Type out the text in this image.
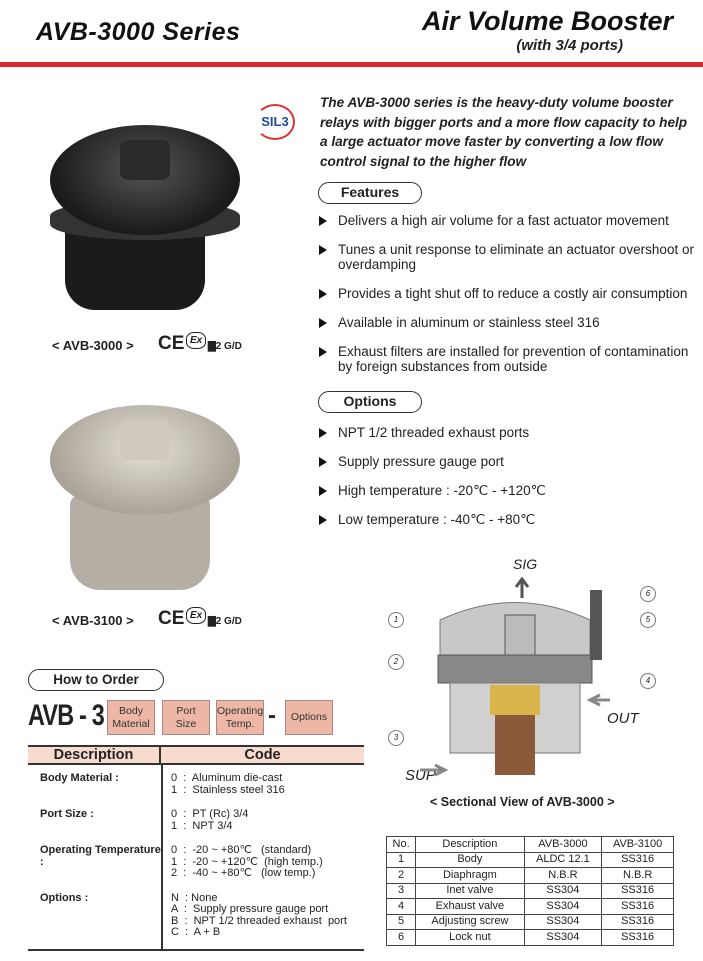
AVB-3000 Series	Air Volume Booster
(with 3/4 ports)
SIL3
< AVB-3000 > CE Ex
▇2 G/D
< AVB-3100 > CE Ex
▇2 G/D
The AVB-3000 series is the heavy-duty volume booster relays with bigger ports and a more flow capacity to help a large actuator move faster by converting a low flow control signal to the higher flow
Features
Delivers a high air volume for a fast actuator movement
Tunes a unit response to eliminate an actuator overshoot or overdamping
Provides a tight shut off to reduce a costly air consumption
Available in aluminum or stainless steel 316
Exhaust filters are installed for prevention of contamination by foreign substances from outside
Options
NPT 1/2 threaded exhaust ports
Supply pressure gauge port
High temperature : -20℃ - +120℃
Low temperature : -40℃ - +80℃
SIG
OUT
SUP
1
2
3
4
5
6
< Sectional View of AVB-3000 >
No.	Description	AVB-3000	AVB-3100
1	Body	ALDC 12.1	SS316
2	Diaphragm	N.B.R	N.B.R
3	Inet valve	SS304	SS316
4	Exhaust valve	SS304	SS316
5	Adjusting screw	SS304	SS316
6	Lock nut	SS304	SS316
How to Order
AVB - 3	Body
Material
Port
Size
Operating
Temp. -	Options
Description	Code
Body Material :	0  :  Aluminum die-cast
1  :  Stainless steel 316
Port Size :	0  :  PT (Rc) 3/4
1  :  NPT 3/4
Operating Temperature :
0  :  -20 ~ +80℃   (standard)
1  :  -20 ~ +120℃  (high temp.)
2  :  -40 ~ +80℃   (low temp.)
Options :	N  : None
A  :  Supply pressure gauge port
B  :  NPT 1/2 threaded exhaust  port
C  :  A + B
